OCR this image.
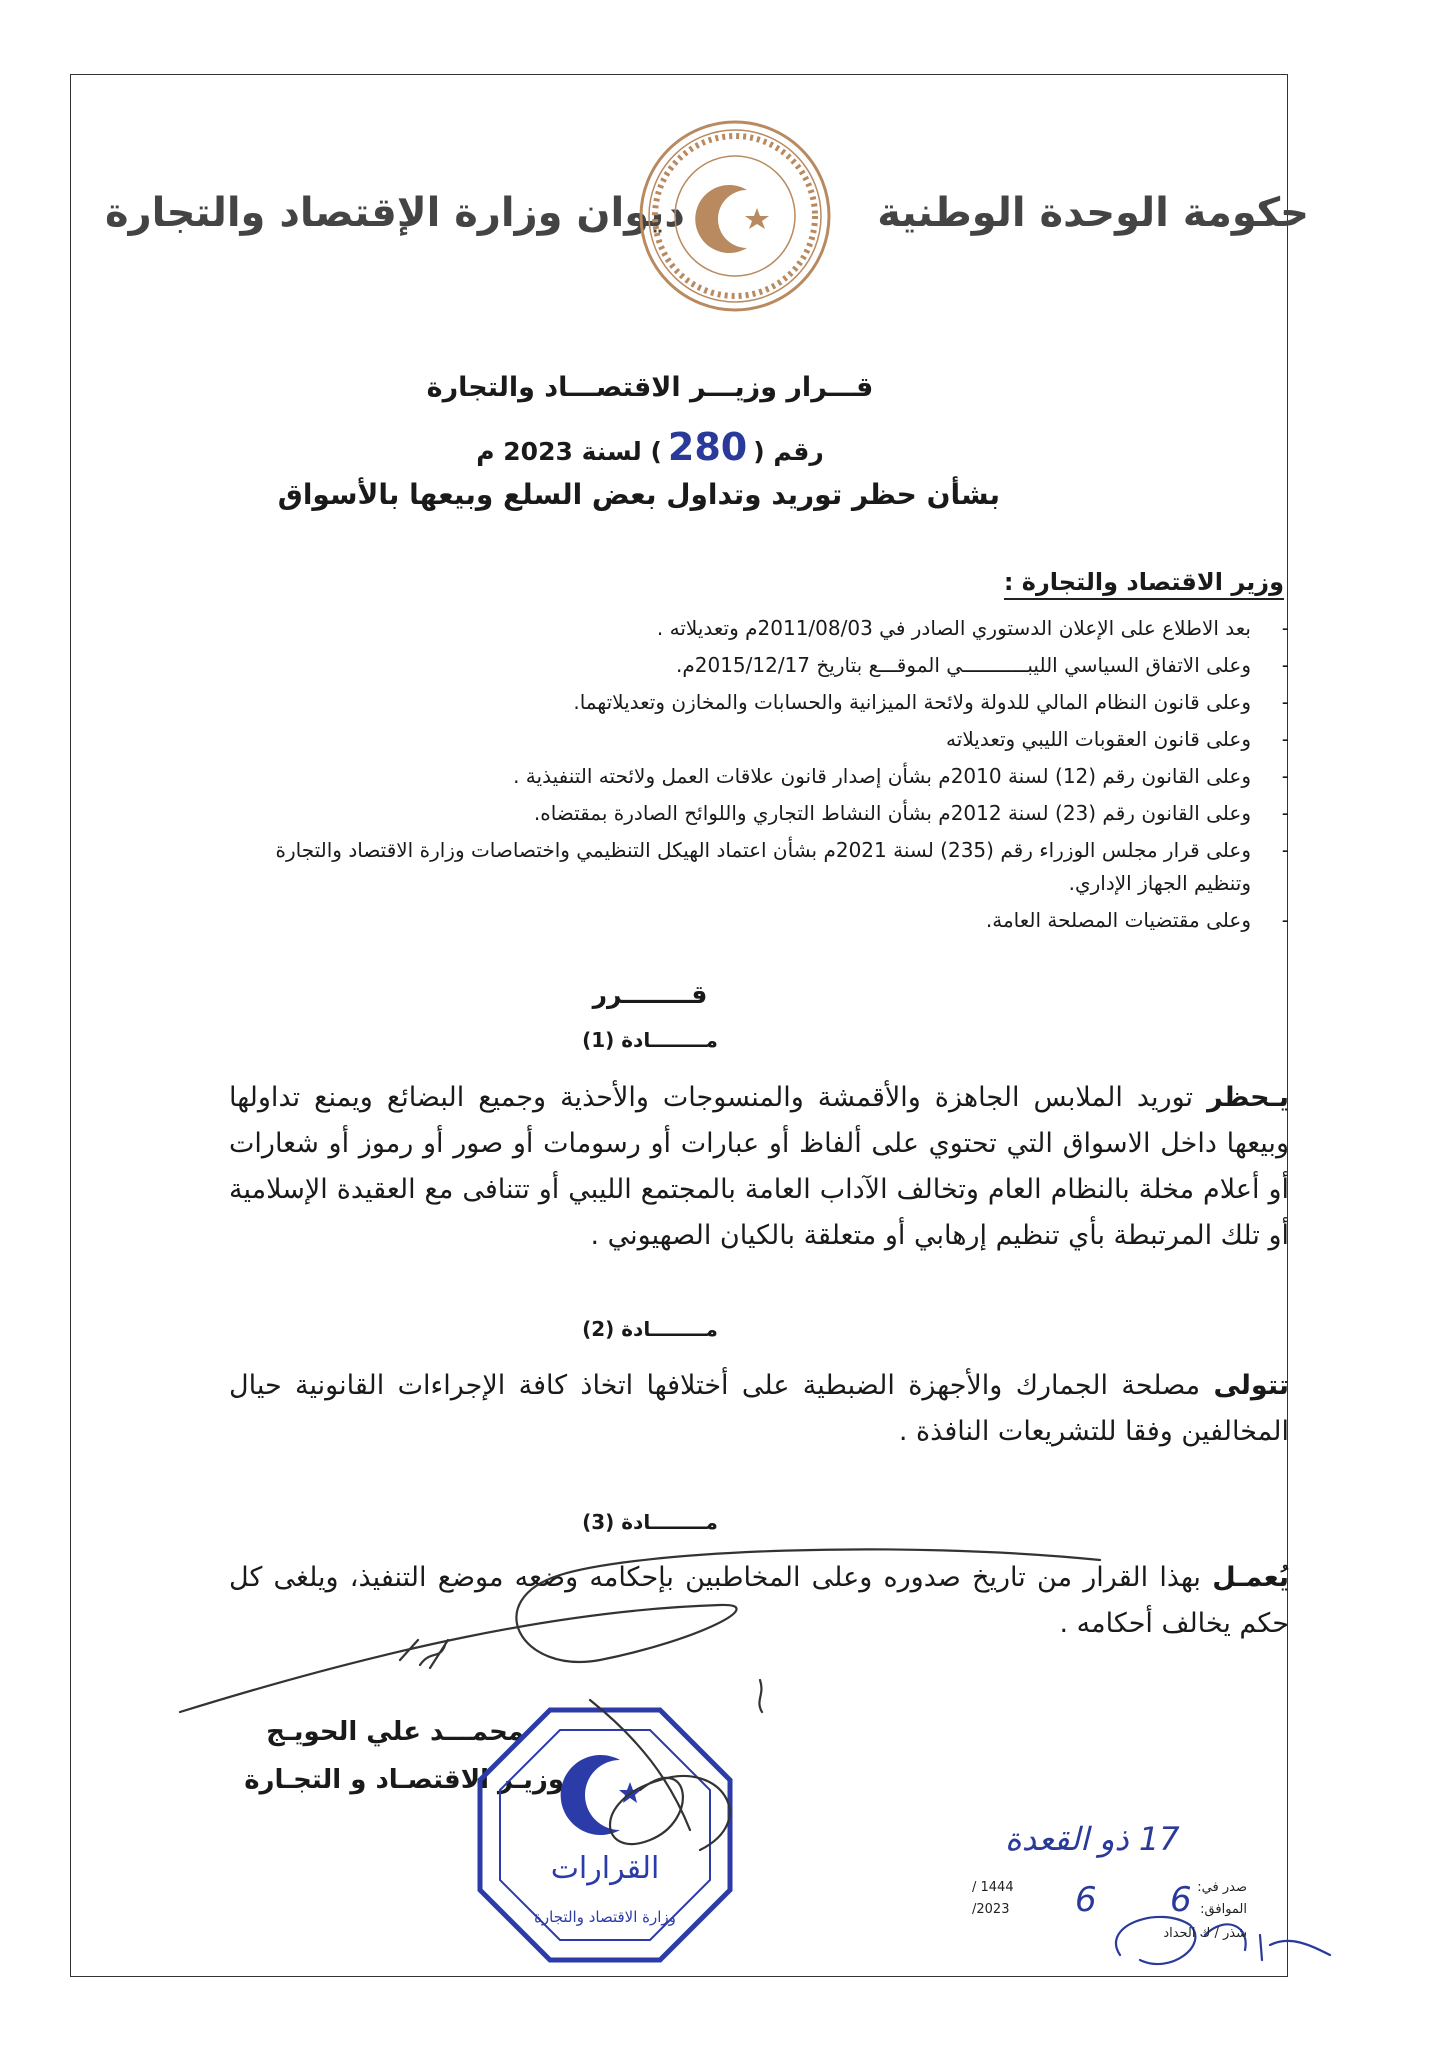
حكومة الوحدة الوطنية
ديوان وزارة الإقتصاد والتجارة
قـــرار وزيـــر الاقتصـــاد والتجارة
رقم (280) لسنة 2023 م
بشأن حظر توريد وتداول بعض السلع وبيعها بالأسواق
وزير الاقتصاد والتجارة :
-
بعد الاطلاع على الإعلان الدستوري الصادر في 2011/08/03م وتعديلاته .
-
وعلى الاتفاق السياسي الليبـــــــــــي الموقـــع بتاريخ 2015/12/17م.
-
وعلى قانون النظام المالي للدولة ولائحة الميزانية والحسابات والمخازن وتعديلاتهما.
-
وعلى قانون العقوبات الليبي وتعديلاته
-
وعلى القانون رقم (12) لسنة 2010م بشأن إصدار قانون علاقات العمل ولائحته التنفيذية .
-
وعلى القانون رقم (23) لسنة 2012م بشأن النشاط التجاري واللوائح الصادرة بمقتضاه.
-
وعلى قرار مجلس الوزراء رقم (235) لسنة 2021م بشأن اعتماد الهيكل التنظيمي واختصاصات وزارة الاقتصاد والتجارة وتنظيم الجهاز الإداري.
-
وعلى مقتضيات المصلحة العامة.
قــــــــرر
مــــــــادة (1)
يـحظر توريد الملابس الجاهزة والأقمشة والمنسوجات والأحذية وجميع البضائع ويمنع تداولها وبيعها داخل الاسواق التي تحتوي على ألفاظ أو عبارات أو رسومات أو صور أو رموز أو شعارات أو أعلام مخلة بالنظام العام وتخالف الآداب العامة بالمجتمع الليبي أو تتنافى مع العقيدة الإسلامية أو تلك المرتبطة بأي تنظيم إرهابي أو متعلقة بالكيان الصهيوني .
مــــــــادة (2)
تتولى مصلحة الجمارك والأجهزة الضبطية على أختلافها اتخاذ كافة الإجراءات القانونية حيال المخالفين وفقا للتشريعات النافذة .
مــــــــادة (3)
يُعمـل بهذا القرار من تاريخ صدوره وعلى المخاطبين بإحكامه وضعه موضع التنفيذ، ويلغى كل حكم يخالف أحكامه .
محمـــد علي الحويـج
وزيـر الاقتصـاد و التجـارة
القرارات
وزارة الاقتصاد والتجارة
17 ذو القعدة
صدر في:
1444 /
الموافق:
2023/ 6 6
شذر / ك الحداد
